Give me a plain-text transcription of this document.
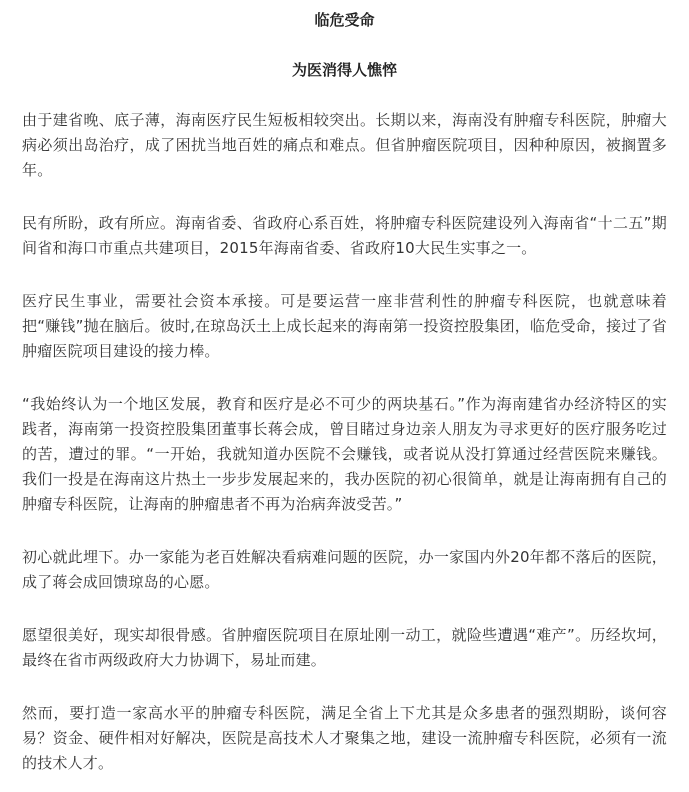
临危受命
为医消得人憔悴

由于建省晚、底子薄，海南医疗民生短板相较突出。长期以来，海南没有肿瘤专科医院，肿瘤大病必须出岛治疗，成了困扰当地百姓的痛点和难点。但省肿瘤医院项目，因种种原因，被搁置多年。

民有所盼，政有所应。海南省委、省政府心系百姓，将肿瘤专科医院建设列入海南省“十二五”期间省和海口市重点共建项目，2015年海南省委、省政府10大民生实事之一。

医疗民生事业，需要社会资本承接。可是要运营一座非营利性的肿瘤专科医院，也就意味着把“赚钱”抛在脑后。彼时,在琼岛沃土上成长起来的海南第一投资控股集团，临危受命，接过了省肿瘤医院项目建设的接力棒。

“我始终认为一个地区发展，教育和医疗是必不可少的两块基石。”作为海南建省办经济特区的实践者，海南第一投资控股集团董事长蒋会成，曾目睹过身边亲人朋友为寻求更好的医疗服务吃过的苦，遭过的罪。“一开始，我就知道办医院不会赚钱，或者说从没打算通过经营医院来赚钱。我们一投是在海南这片热土一步步发展起来的，我办医院的初心很简单，就是让海南拥有自己的肿瘤专科医院，让海南的肿瘤患者不再为治病奔波受苦。”

初心就此埋下。办一家能为老百姓解决看病难问题的医院，办一家国内外20年都不落后的医院，成了蒋会成回馈琼岛的心愿。

愿望很美好，现实却很骨感。省肿瘤医院项目在原址刚一动工，就险些遭遇“难产”。历经坎坷，最终在省市两级政府大力协调下，易址而建。

然而，要打造一家高水平的肿瘤专科医院，满足全省上下尤其是众多患者的强烈期盼，谈何容易？资金、硬件相对好解决，医院是高技术人才聚集之地，建设一流肿瘤专科医院，必须有一流的技术人才。
